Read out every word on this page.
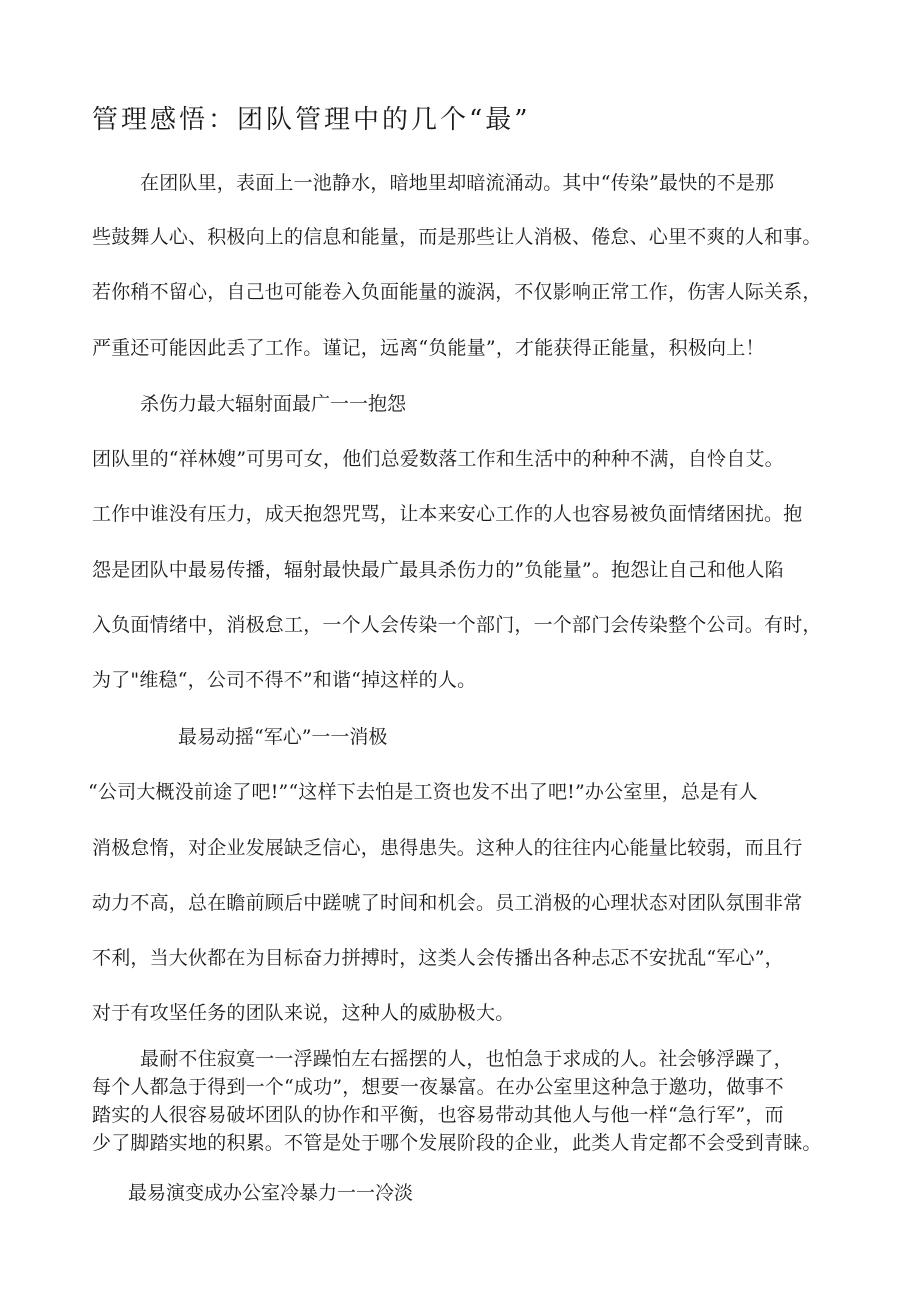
管理感悟：团队管理中的几个“最”
在团队里，表面上一池静水，暗地里却暗流涌动。其中“传染”最快的不是那
些鼓舞人心、积极向上的信息和能量，而是那些让人消极、倦怠、心里不爽的人和事。
若你稍不留心，自己也可能卷入负面能量的漩涡，不仅影响正常工作，伤害人际关系，
严重还可能因此丢了工作。谨记，远离“负能量”，才能获得正能量，积极向上！
杀伤力最大辐射面最广一一抱怨
团队里的“祥林嫂”可男可女，他们总爱数落工作和生活中的种种不满，自怜自艾。
工作中谁没有压力，成天抱怨咒骂，让本来安心工作的人也容易被负面情绪困扰。抱
怨是团队中最易传播，辐射最快最广最具杀伤力的”负能量”。抱怨让自己和他人陷
入负面情绪中，消极怠工，一个人会传染一个部门，一个部门会传染整个公司。有时，
为了"维稳“，公司不得不”和谐“掉这样的人。
最易动摇“军心”一一消极
“公司大概没前途了吧!”“这样下去怕是工资也发不出了吧!”办公室里，总是有人
消极怠惰，对企业发展缺乏信心，患得患失。这种人的往往内心能量比较弱，而且行
动力不高，总在瞻前顾后中蹉唬了时间和机会。员工消极的心理状态对团队氛围非常
不利，当大伙都在为目标奋力拼搏时，这类人会传播出各种忐忑不安扰乱“军心”，
对于有攻坚任务的团队来说，这种人的威胁极大。
最耐不住寂寞一一浮躁怕左右摇摆的人，也怕急于求成的人。社会够浮躁了，
每个人都急于得到一个“成功”，想要一夜暴富。在办公室里这种急于邀功，做事不
踏实的人很容易破坏团队的协作和平衡，也容易带动其他人与他一样“急行军”，而
少了脚踏实地的积累。不管是处于哪个发展阶段的企业，此类人肯定都不会受到青睐。
最易演变成办公室冷暴力一一冷淡
